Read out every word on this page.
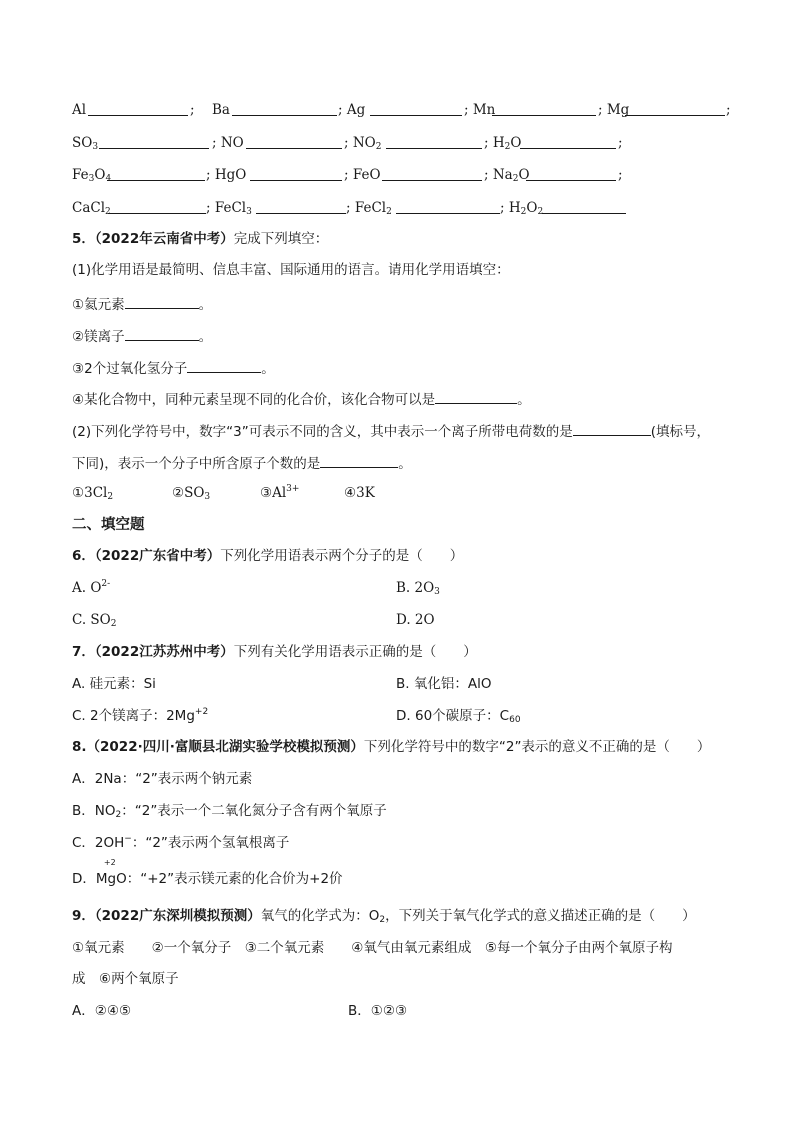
Al	; Ba	; Ag	; Mn	; Mg	;
$SO_3$	; NO	; $NO_2$	; $H_2O$	;
$Fe_3O_4$	; HgO	; FeO	; $Na_2O$	;
CaCl$_2$	; FeCl$_3$	; FeCl$_2$	; $H_2O_2$
5．（2022年云南省中考）完成下列填空：
(1)化学用语是最简明、信息丰富、国际通用的语言。请用化学用语填空：
①氦元素	。
②镁离子	。
③2个过氧化氢分子	。
④某化合物中，同种元素呈现不同的化合价，该化合物可以是	。
(2)下列化学符号中，数字“3”可表示不同的含义，其中表示一个离子所带电荷数的是	(填标号，
下同)，表示一个分子中所含原子个数的是	。
$①3Cl_2$	$②SO_3$	$③Al^{3+}$	④3K
二、填空题
6．（2022广东省中考）下列化学用语表示两个分子的是（　　）
A. $O^{2-}$	B. $2O_3$
C. $SO_2$	D. 2O
7．（2022江苏苏州中考）下列有关化学用语表示正确的是（　　）
A. 硅元素：Si	B. 氧化铝：AlO
C. 2个镁离子：$2Mg^{+2}$	D. 60个碳原子：$C_{60}$
8.（2022·四川·富顺县北湖实验学校模拟预测）下列化学符号中的数字“2”表示的意义不正确的是（　　）
A．2Na：“2”表示两个钠元素
B．$NO_2$：“2”表示一个二氧化氮分子含有两个氧原子
C．2OH−：“2”表示两个氢氧根离子
D．
+2
MgO：“+2”表示镁元素的化合价为+2价
9．（2022广东深圳模拟预测）氧气的化学式为：$O_2$，下列关于氧气化学式的意义描述正确的是（　　）
①氧元素　　②一个氧分子　③二个氧元素　　④氧气由氧元素组成　⑤每一个氧分子由两个氧原子构
成　⑥两个氧原子
A．②④⑤	B．①②③
